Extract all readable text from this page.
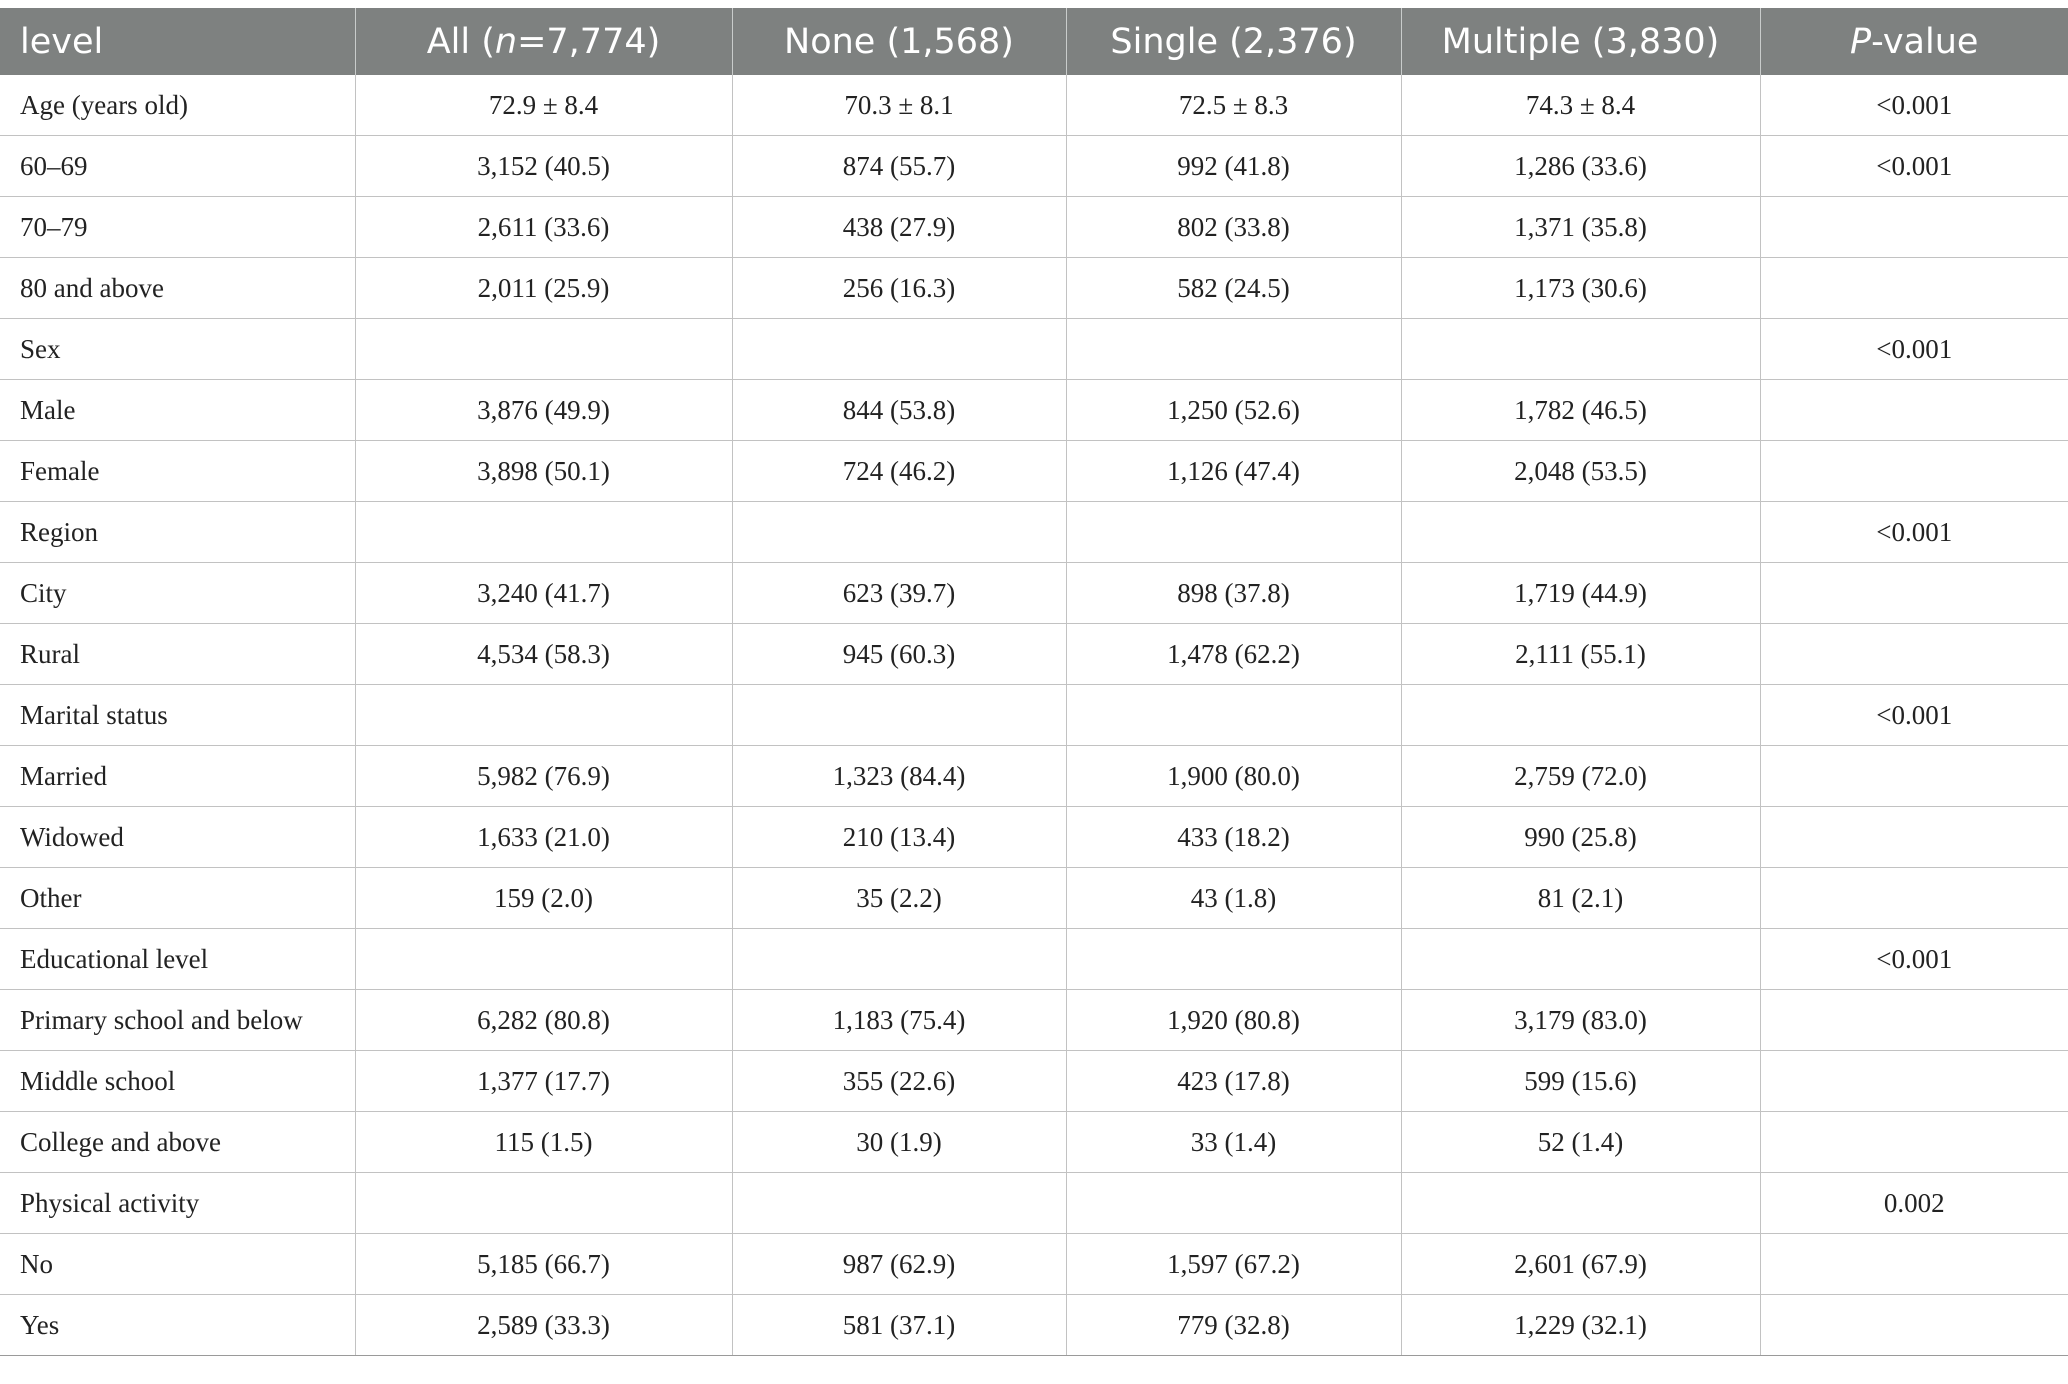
level	All (n=7,774)	None (1,568)	Single (2,376)	Multiple (3,830)	P-value
Age (years old)	72.9 ± 8.4	70.3 ± 8.1	72.5 ± 8.3	74.3 ± 8.4	<0.001
60–69	3,152 (40.5)	874 (55.7)	992 (41.8)	1,286 (33.6)	<0.001
70–79	2,611 (33.6)	438 (27.9)	802 (33.8)	1,371 (35.8)	
80 and above	2,011 (25.9)	256 (16.3)	582 (24.5)	1,173 (30.6)	
Sex					<0.001
Male	3,876 (49.9)	844 (53.8)	1,250 (52.6)	1,782 (46.5)	
Female	3,898 (50.1)	724 (46.2)	1,126 (47.4)	2,048 (53.5)	
Region					<0.001
City	3,240 (41.7)	623 (39.7)	898 (37.8)	1,719 (44.9)	
Rural	4,534 (58.3)	945 (60.3)	1,478 (62.2)	2,111 (55.1)	
Marital status					<0.001
Married	5,982 (76.9)	1,323 (84.4)	1,900 (80.0)	2,759 (72.0)	
Widowed	1,633 (21.0)	210 (13.4)	433 (18.2)	990 (25.8)	
Other	159 (2.0)	35 (2.2)	43 (1.8)	81 (2.1)	
Educational level					<0.001
Primary school and below	6,282 (80.8)	1,183 (75.4)	1,920 (80.8)	3,179 (83.0)	
Middle school	1,377 (17.7)	355 (22.6)	423 (17.8)	599 (15.6)	
College and above	115 (1.5)	30 (1.9)	33 (1.4)	52 (1.4)	
Physical activity					0.002
No	5,185 (66.7)	987 (62.9)	1,597 (67.2)	2,601 (67.9)	
Yes	2,589 (33.3)	581 (37.1)	779 (32.8)	1,229 (32.1)	
